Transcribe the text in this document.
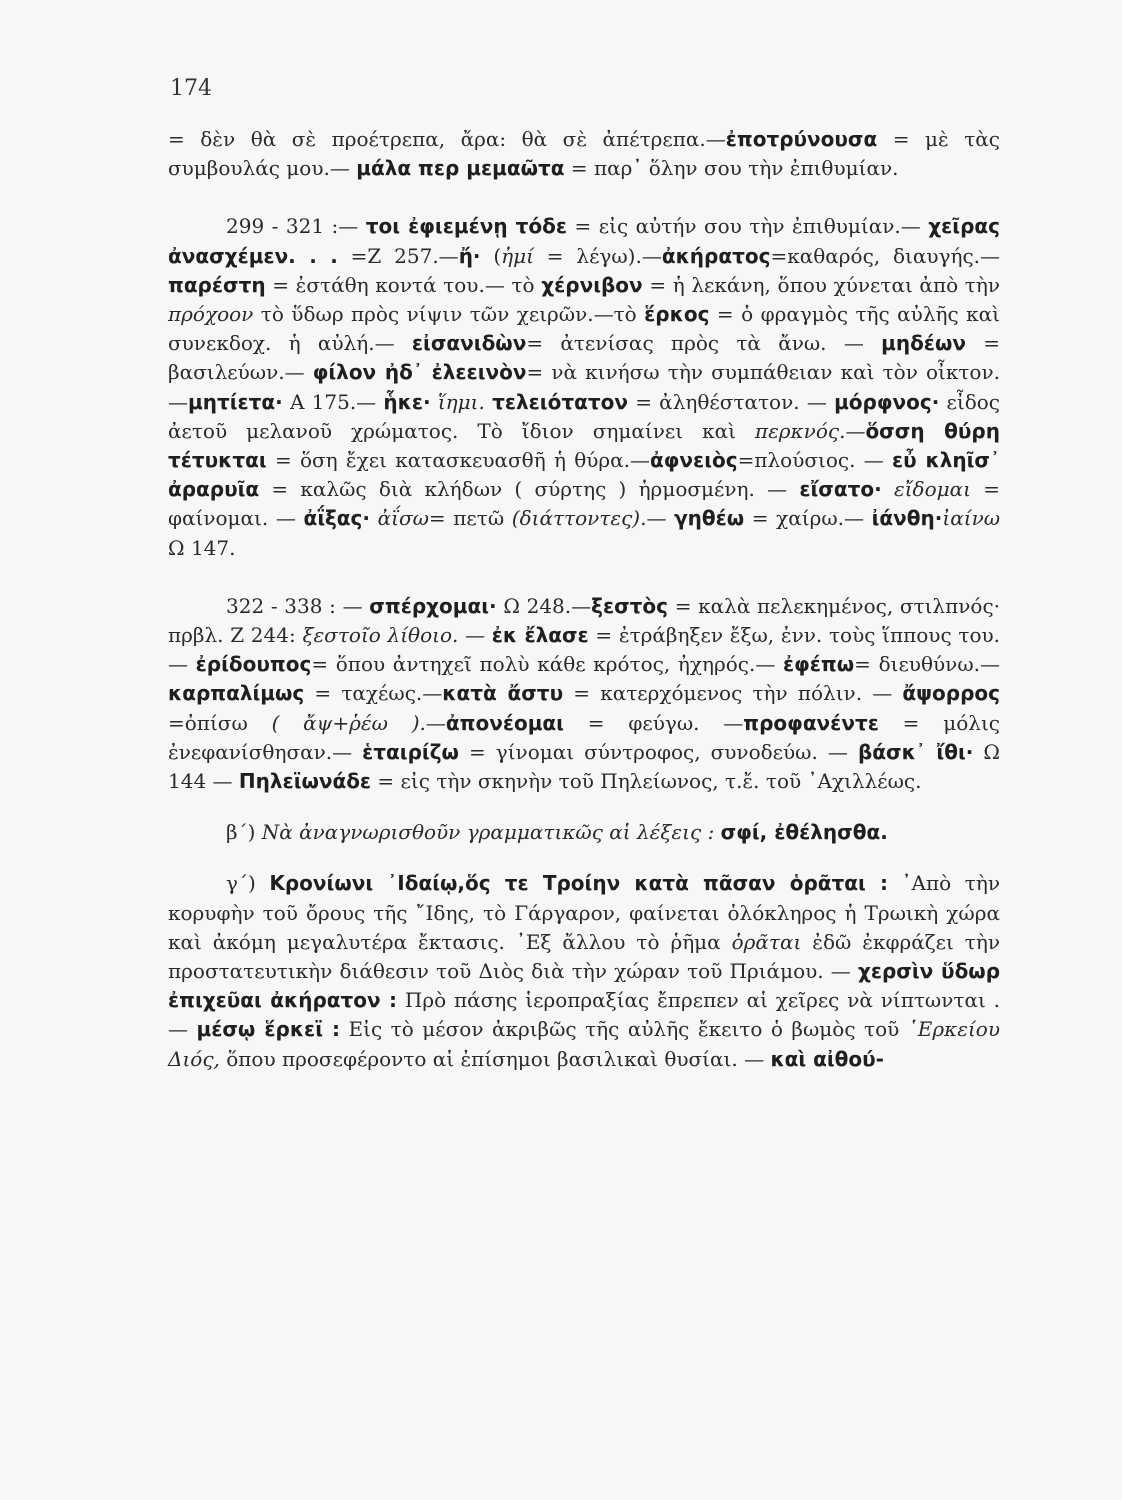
174

= δὲν θὰ σὲ προέτρεπα, ἄρα: θὰ σὲ ἀπέτρεπα.—ἐποτρύνουσα = μὲ τὰς συμβουλάς μου.— μάλα περ μεμαῶτα = παρ᾽ ὅλην σου τὴν ἐπιθυμίαν.

299 - 321 :— τοι ἐφιεμένῃ τόδε = εἰς αὐτήν σου τὴν ἐπιθυμίαν.— χεῖρας ἀνασχέμεν. . . =Ζ 257.—ἤ· (ἠμί = λέγω).—ἀκήρατος=καθαρός, διαυγής.— παρέστη = ἐστάθη κοντά του.— τὸ χέρνιβον = ἡ λεκάνη, ὅπου χύνεται ἀπὸ τὴν πρόχοον τὸ ὕδωρ πρὸς νίψιν τῶν χειρῶν.—τὸ ἕρκος = ὁ φραγμὸς τῆς αὐλῆς καὶ συνεκδοχ. ἡ αὐλή.— εἰσανιδὼν= ἀτενίσας πρὸς τὰ ἄνω. — μηδέων = βασιλεύων.— φίλον ἠδ᾽ ἐλεεινὸν= νὰ κινήσω τὴν συμπάθειαν καὶ τὸν οἶκτον. —μητίετα· Α 175.— ἧκε· ἵημι. τελειότατον = ἀληθέστατον. — μόρφνος· εἶδος ἀετοῦ μελανοῦ χρώματος. Τὸ ἴδιον σημαίνει καὶ περκνός.—ὅσση θύρη τέτυκται = ὅση ἔχει κατασκευασθῆ ἡ θύρα.—ἀφνειὸς=πλούσιος. — εὖ κληῖσ᾽ ἀραρυῖα = καλῶς διὰ κλήδων ( σύρτης ) ἡρμοσμένη. — εἴσατο· εἴδομαι = φαίνομαι. — ἀΐξας· ἀΐσω= πετῶ (διάττοντες).— γηθέω = χαίρω.— ἰάνθη·ἰαίνω Ω 147.

322 - 338 : — σπέρχομαι· Ω 248.—ξεστὸς = καλὰ πελεκημένος, στιλπνός· πρβλ. Ζ 244: ξεστοῖο λίθοιο. — ἐκ ἔλασε = ἐτράβηξεν ἔξω, ἐνν. τοὺς ἵππους του.— ἐρίδουπος= ὅπου ἀντηχεῖ πολὺ κάθε κρότος, ἠχηρός.— ἐφέπω= διευθύνω.—καρπαλίμως = ταχέως.—κατὰ ἄστυ = κατερχόμενος τὴν πόλιν. — ἄψορρος =ὀπίσω ( ἄψ+ῥέω ).—ἀπονέομαι = φεύγω. —προφανέντε = μόλις ἐνεφανίσθησαν.— ἑταιρίζω = γίνομαι σύντροφος, συνοδεύω. — βάσκ᾽ ἴθι· Ω 144 — Πηλεϊωνάδε = εἰς τὴν σκηνὴν τοῦ Πηλείωνος, τ.ἔ. τοῦ ᾿Αχιλλέως.

β΄) Νὰ ἀναγνωρισθοῦν γραμματικῶς αἱ λέξεις : σφί, ἐθέλησθα.

γ΄) Κρονίωνι ᾿Ιδαίῳ,ὅς τε Τροίην κατὰ πᾶσαν ὁρᾶται : ᾿Απὸ τὴν κορυφὴν τοῦ ὄρους τῆς ῎Ιδης, τὸ Γάργαρον, φαίνεται ὁλόκληρος ἡ Τρωικὴ χώρα καὶ ἀκόμη μεγαλυτέρα ἔκτασις. ᾿Εξ ἄλλου τὸ ῥῆμα ὁρᾶται ἐδῶ ἐκφράζει τὴν προστατευτικὴν διάθεσιν τοῦ Διὸς διὰ τὴν χώραν τοῦ Πριάμου. — χερσὶν ὕδωρ ἐπιχεῦαι ἀκήρατον : Πρὸ πάσης ἱεροπραξίας ἔπρεπεν αἱ χεῖρες νὰ νίπτωνται .— μέσῳ ἕρκεϊ : Εἰς τὸ μέσον ἀκριβῶς τῆς αὐλῆς ἔκειτο ὁ βωμὸς τοῦ ῾Ερκείου Διός, ὅπου προσεφέροντο αἱ ἐπίσημοι βασιλικαὶ θυσίαι. — καὶ αἰθού-
